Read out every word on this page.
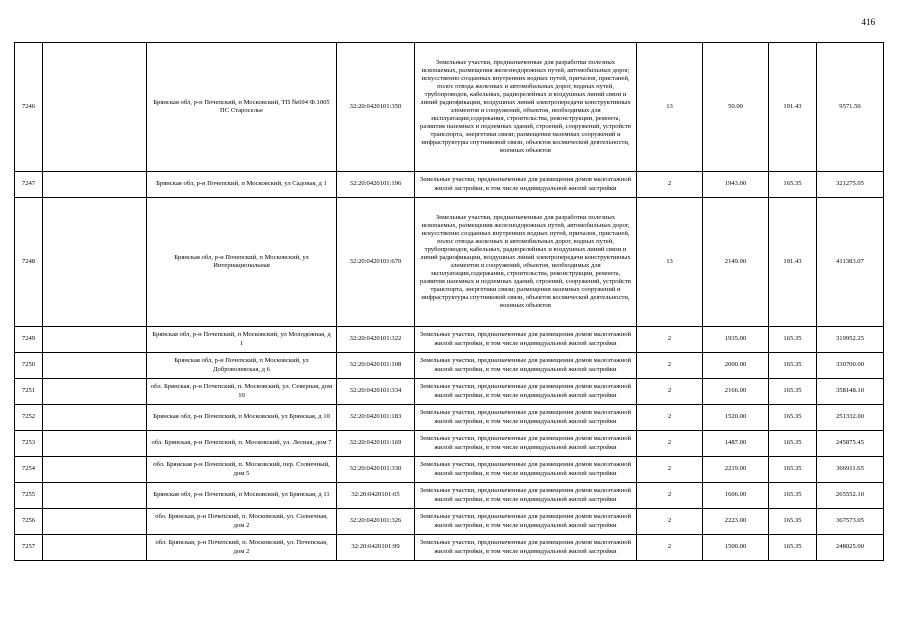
416
7246		Брянская обл, р-н Почепский, п Московский, ТП №694 Ф.1005 ПС Старосельe	32:20:0420101:350	Земельные участки, предназначенные для разработки полезных ископаемых, размещения железнодорожных путей, автомобильных дорог, искусственно созданных внутренних водных путей, причалов, пристаней, полос отвода железных и автомобильных дорог, водных путей, трубопроводов, кабельных, радиорелейных и воздушных линий связи и линий радиофикации, воздушных линий электропередачи конструктивных элементов и сооружений, объектов, необходимых для эксплуатации,содержания, строительства, реконструкции, ремонта, развития наземных и подземных зданий, строений, сооружений, устройств транспорта, энергетики связи; размещения наземных сооружений и инфраструктуры спутниковой связи, объектов космической деятельности, военных объектов	13	50.00	191.43	9571.50
7247		Брянская обл, р-н Почепский, п Московский, ул Садовая, д 1	32:20:0420101:196	Земельные участки, предназначенные для размещения домов малоэтажной жилой застройки, в том числе индивидуальной жилой застройки	2	1943.00	165.35	321275.05
7248		Брянская обл, р-н Почепский, п Московский, ул Интернациональная	32:20:0420101:670	Земельные участки, предназначенные для разработки полезных ископаемых, размещения железнодорожных путей, автомобильных дорог, искусственно созданных внутренних водных путей, причалов, пристаней, полос отвода железных и автомобильных дорог, водных путей, трубопроводов, кабельных, радиорелейных и воздушных линий связи и линий радиофикации, воздушных линий электропередачи конструктивных элементов и сооружений, объектов, необходимых для эксплуатации,содержания, строительства, реконструкции, ремонта, развития наземных и подземных зданий, строений, сооружений, устройств транспорта, энергетики связи; размещения наземных сооружений и инфраструктуры спутниковой связи, объектов космической деятельности, военных объектов	13	2149.00	191.43	411383.07
7249		Брянская обл, р-н Почепский, п Московский, ул Молодежная, д 1	32:20:0420101:322	Земельные участки, предназначенные для размещения домов малоэтажной жилой застройки, в том числе индивидуальной жилой застройки	2	1935.00	165.35	319952.25
7250		Брянская обл, р-н Почепский, п Московский, ул Доброволевская, д 6	32:20:0420101:108	Земельные участки, предназначенные для размещения домов малоэтажной жилой застройки, в том числе индивидуальной жилой застройки	2	2000.00	165.35	330700.00
7251		обл. Брянская, р-н Почепский, п. Московский, ул. Северная, дом 10	32:20:0420101:334	Земельные участки, предназначенные для размещения домов малоэтажной жилой застройки, в том числе индивидуальной жилой застройки	2	2166.00	165.35	358148.10
7252		Брянская обл, р-н Почепский, п Московский, ул Брянская, д 10	32:20:0420101:183	Земельные участки, предназначенные для размещения домов малоэтажной жилой застройки, в том числе индивидуальной жилой застройки	2	1520.00	165.35	251332.00
7253		обл. Брянская, р-н Почепский, п. Московский, ул. Лесная, дом 7	32:20:0420101:169	Земельные участки, предназначенные для размещения домов малоэтажной жилой застройки, в том числе индивидуальной жилой застройки	2	1487.00	165.35	245875.45
7254		обл. Брянская р-н Почепский, п. Московский, пер. Солнечный, дом 5	32:20:0420101:330	Земельные участки, предназначенные для размещения домов малоэтажной жилой застройки, в том числе индивидуальной жилой застройки	2	2219.00	165.35	366911.65
7255		Брянская обл, р-н Почепский, п Московский, ул Брянская, д 11	32:20:0420101:65	Земельные участки, предназначенные для размещения домов малоэтажной жилой застройки, в том числе индивидуальной жилой застройки	2	1606.00	165.35	265552.10
7256		обл. Брянская, р-н Почепский, п. Московский, ул. Солнечная, дом 2	32:20:0420101:326	Земельные участки, предназначенные для размещения домов малоэтажной жилой застройки, в том числе индивидуальной жилой застройки	2	2223.00	165.35	367573.05
7257		обл. Брянская, р-н Почепский, п. Московский, ул. Почепская, дом 2	32:20:0420101:99	Земельные участки, предназначенные для размещения домов малоэтажной жилой застройки, в том числе индивидуальной жилой застройки	2	1500.00	165.35	248025.00
